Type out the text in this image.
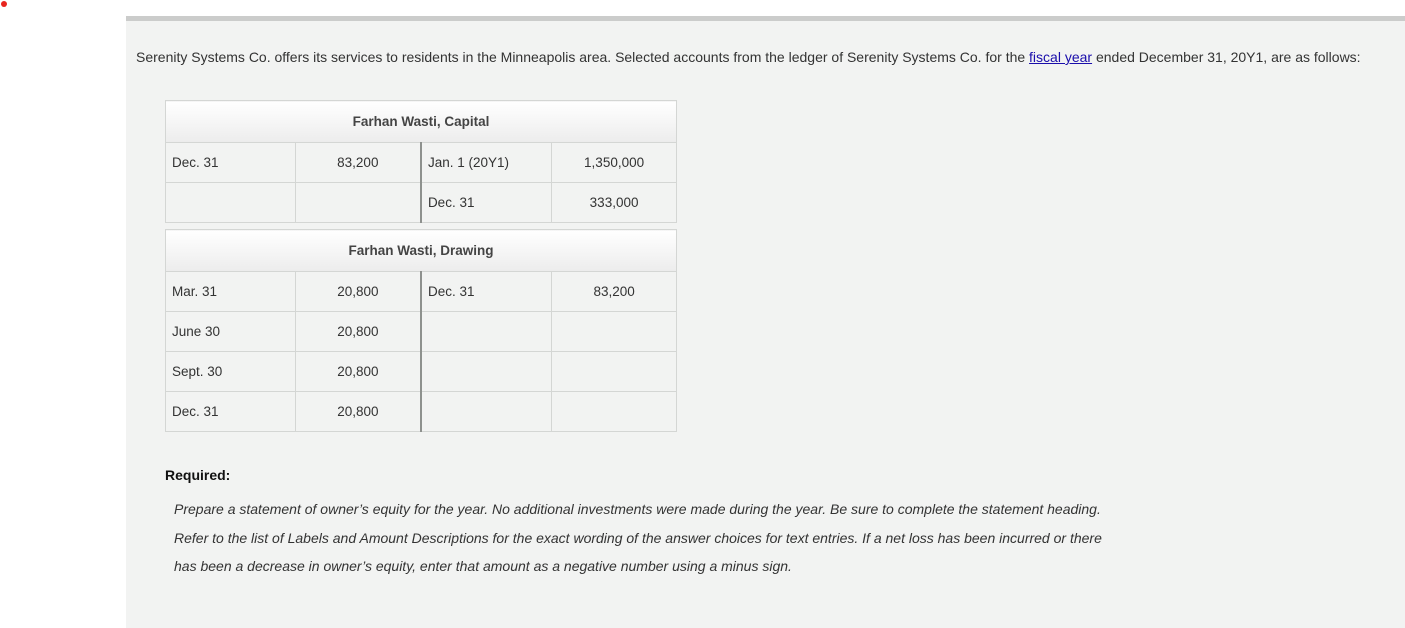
Serenity Systems Co. offers its services to residents in the Minneapolis area. Selected accounts from the ledger of Serenity Systems Co. for the fiscal year ended December 31, 20Y1, are as follows:

Farhan Wasti, Capital			
Dec. 31	83,200	Jan. 1 (20Y1)	1,350,000
		Dec. 31	333,000
Farhan Wasti, Drawing			
Mar. 31	20,800	Dec. 31	83,200
June 30	20,800		
Sept. 30	20,800		
Dec. 31	20,800		
Required:

Prepare a statement of owner’s equity for the year. No additional investments were made during the year. Be sure to complete the statement heading. Refer to the list of Labels and Amount Descriptions for the exact wording of the answer choices for text entries. If a net loss has been incurred or there has been a decrease in owner’s equity, enter that amount as a negative number using a minus sign.
